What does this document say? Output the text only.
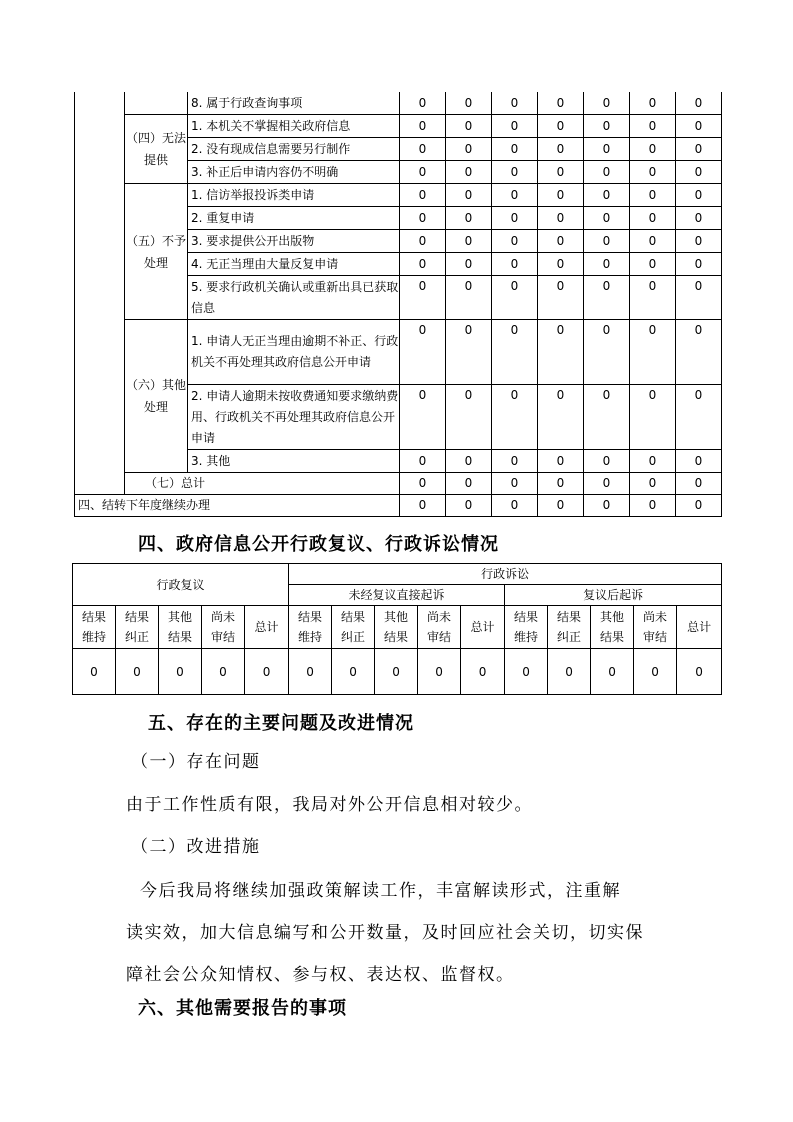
		8. 属于行政查询事项	0	0	0	0	0	0	0
	（四）无法提供	1. 本机关不掌握相关政府信息	0	0	0	0	0	0	0
		2. 没有现成信息需要另行制作	0	0	0	0	0	0	0
		3. 补正后申请内容仍不明确	0	0	0	0	0	0	0
	（五）不予处理	1. 信访举报投诉类申请	0	0	0	0	0	0	0
		2. 重复申请	0	0	0	0	0	0	0
		3. 要求提供公开出版物	0	0	0	0	0	0	0
		4. 无正当理由大量反复申请	0	0	0	0	0	0	0
		5. 要求行政机关确认或重新出具已获取信息	0	0	0	0	0	0	0
	（六）其他处理	1. 申请人无正当理由逾期不补正、行政机关不再处理其政府信息公开申请	0	0	0	0	0	0	0
		2. 申请人逾期未按收费通知要求缴纳费用、行政机关不再处理其政府信息公开申请	0	0	0	0	0	0	0
		3. 其他	0	0	0	0	0	0	0
	（七）总计		0	0	0	0	0	0	0
四、结转下年度继续办理			0	0	0	0	0	0	0
四、政府信息公开行政复议、行政诉讼情况
行政复议					行政诉讼									
					未经复议直接起诉					复议后起诉				
结果维持	结果纠正	其他结果	尚未审结	总计	结果维持	结果纠正	其他结果	尚未审结	总计	结果维持	结果纠正	其他结果	尚未审结	总计
0	0	0	0	0	0	0	0	0	0	0	0	0	0	0
五、存在的主要问题及改进情况
（一）存在问题
由于工作性质有限，我局对外公开信息相对较少。
（二）改进措施
今后我局将继续加强政策解读工作，丰富解读形式，注重解
读实效，加大信息编写和公开数量，及时回应社会关切，切实保
障社会公众知情权、参与权、表达权、监督权。
六、其他需要报告的事项
